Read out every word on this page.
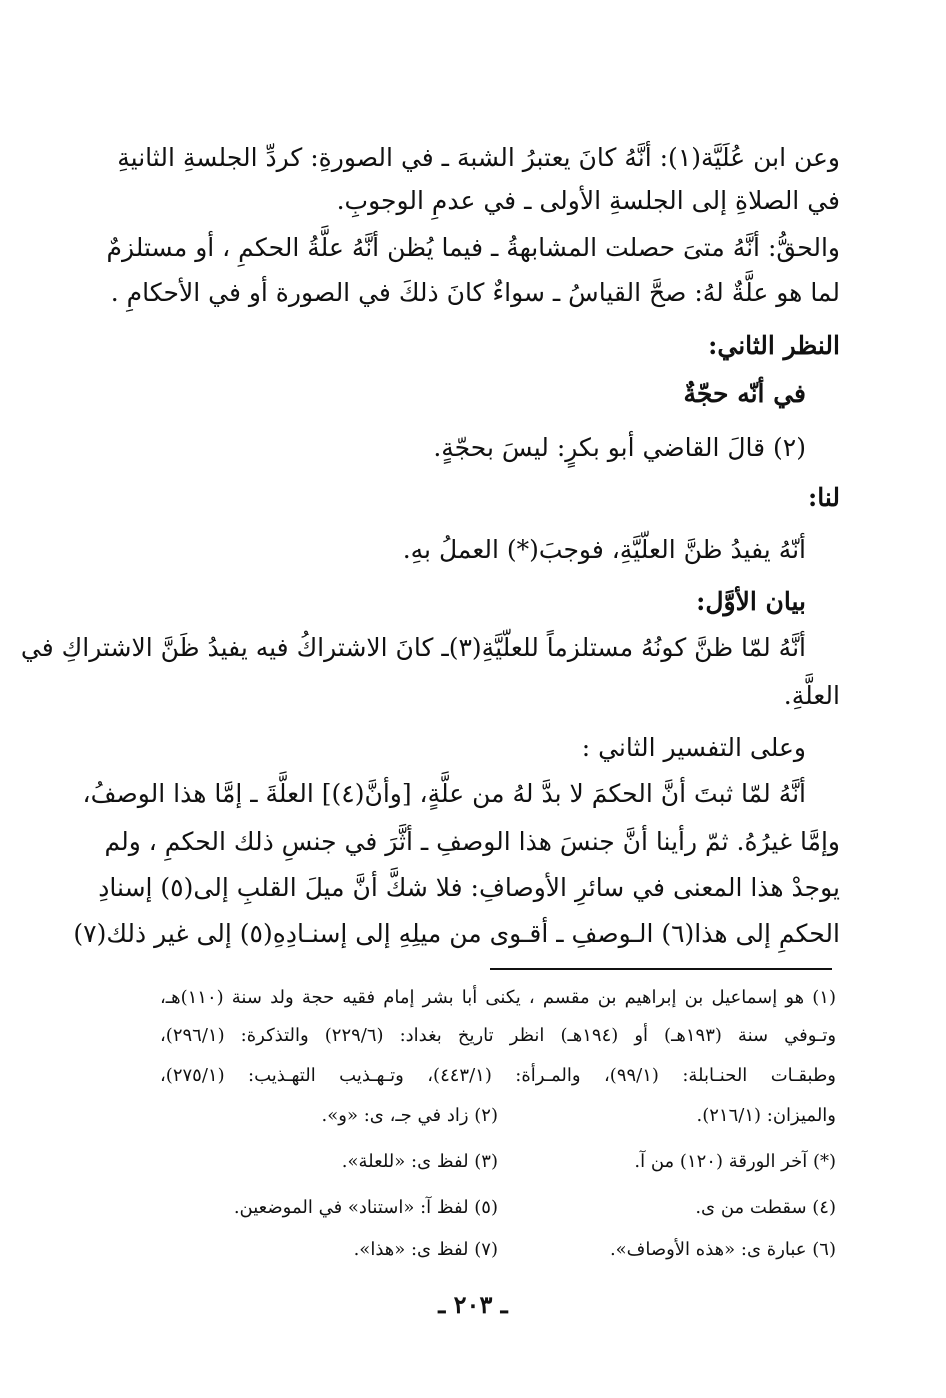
وعن ابن عُلَيَّة(١): أنَّهُ كانَ يعتبرُ الشبهَ ـ في الصورةِ: كردِّ الجلسةِ الثانيةِ
في الصلاةِ إلى الجلسةِ الأولى ـ في عدمِ الوجوبِ.
والحقُّ: أنَّهُ متىَ حصلت المشابهةُ ـ فيما يُظن أنَّهُ علَّةُ الحكمِ ، أو مستلزمٌ
لما هو علَّةٌ لهُ: صحَّ القياسُ ـ سواءٌ كانَ ذلكَ في الصورة أو في الأحكامِ .
النظر الثاني:
في أنّه حجّةٌ
(٢) قالَ القاضي أبو بكرٍ: ليسَ بحجّةٍ.
لنا:
أنّهُ يفيدُ ظنَّ العلّيَّةِ، فوجبَ(*) العملُ بهِ.
بيان الأوَّل:
أنَّهُ لمّا ظنَّ كونُهُ مستلزماً للعلّيَّةِ(٣)ـ كانَ الاشتراكُ فيه يفيدُ ظَنَّ الاشتراكِ في
العلَّةِ.
وعلى التفسير الثاني :
أنَّهُ لمّا ثبتَ أنَّ الحكمَ لا بدَّ لهُ من علَّةٍ، [وأنَّ(٤)] العلَّةَ ـ إمَّا هذا الوصفُ،
وإمَّا غيرُهُ. ثمّ رأينا أنَّ جنسَ هذا الوصفِ ـ أثَّرَ في جنسِ ذلك الحكمِ ، ولم
يوجدْ هذا المعنى في سائرِ الأوصافِ: فلا شكَّ أنَّ ميلَ القلبِ إلى(٥) إسنادِ
الحكمِ إلى هذا(٦) الـوصفِ ـ أقـوى من ميلِهِ إلى إسنـادِهِ(٥) إلى غير ذلك(٧)
(١) هو إسماعيل بن إبراهيم بن مقسم ، يكنى أبا بشر إمام فقيه حجة ولد سنة (١١٠)هـ،
وتـوفي سنة (١٩٣هـ) أو (١٩٤هـ) انظر تاريخ بغداد: (٢٢٩/٦) والتذكرة: (٢٩٦/١)،
وطبقـات الحنـابلة: (٩٩/١)، والمـرأة: (٤٤٣/١)، وتـهـذيب التهـذيب: (٢٧٥/١)،
والميزان: (٢١٦/١).
(٢) زاد في جـ، ى: «و».
(*) آخر الورقة (١٢٠) من آ.
(٣) لفظ ى: «للعلة».
(٤) سقطت من ى.
(٥) لفظ آ: «استناد» في الموضعين.
(٦) عبارة ى: «هذه الأوصاف».
(٧) لفظ ى: «هذا».
ـ ٢٠٣ ـ
